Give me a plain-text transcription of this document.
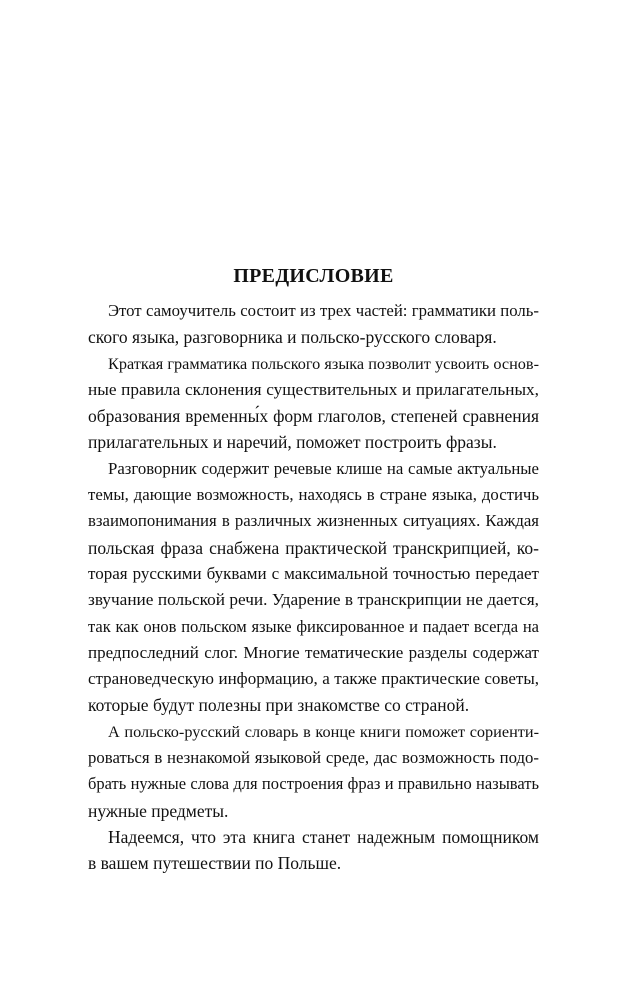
ПРЕДИСЛОВИЕ

Этот самоучитель состоит из трех частей: грамматики поль-
ского языка, разговорника и польско-русского словаря.

Краткая грамматика польского языка позволит усвоить основ-
ные правила склонения существительных и прилагательных,
образования временны́х форм глаголов, степеней сравнения
прилагательных и наречий, поможет построить фразы.

Разговорник содержит речевые клише на самые актуальные
темы, дающие возможность, находясь в стране языка, достичь
взаимопонимания в различных жизненных ситуациях. Каждая
польская фраза снабжена практической транскрипцией, ко-
торая русскими буквами с максимальной точностью передает
звучание польской речи. Ударение в транскрипции не дается,
так как онов польском языке фиксированное и падает всегда на
предпоследний слог. Многие тематические разделы содержат
страноведческую информацию, а также практические советы,
которые будут полезны при знакомстве со страной.

А польско-русский словарь в конце книги поможет сориенти-
роваться в незнакомой языковой среде, дас возможность подо-
брать нужные слова для построения фраз и правильно называть
нужные предметы.

Надеемся, что эта книга станет надежным помощником
в вашем путешествии по Польше.
